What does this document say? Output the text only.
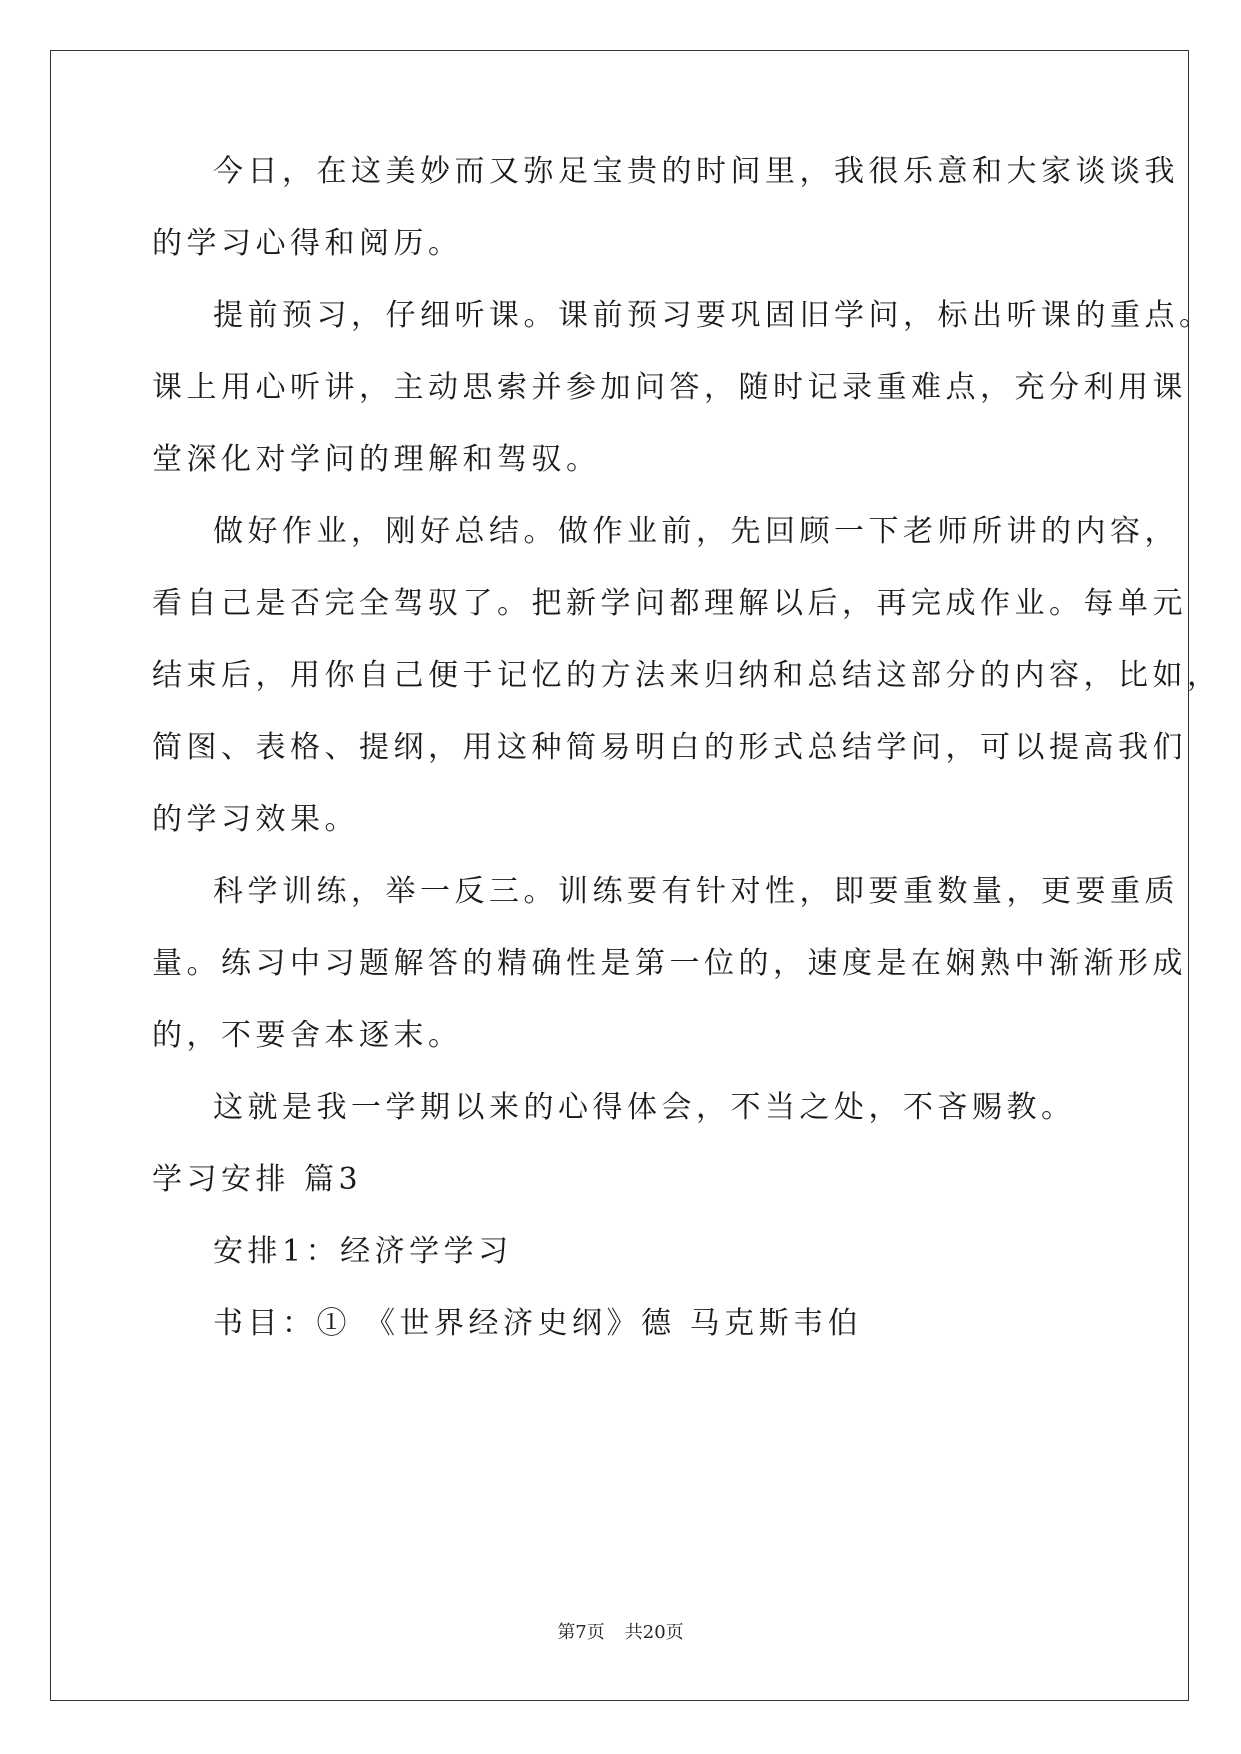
今日，在这美妙而又弥足宝贵的时间里，我很乐意和大家谈谈我
的学习心得和阅历。
提前预习，仔细听课。课前预习要巩固旧学问，标出听课的重点。
课上用心听讲，主动思索并参加问答，随时记录重难点，充分利用课
堂深化对学问的理解和驾驭。
做好作业，刚好总结。做作业前，先回顾一下老师所讲的内容，
看自己是否完全驾驭了。把新学问都理解以后，再完成作业。每单元
结束后，用你自己便于记忆的方法来归纳和总结这部分的内容，比如，
简图、表格、提纲，用这种简易明白的形式总结学问，可以提高我们
的学习效果。
科学训练，举一反三。训练要有针对性，即要重数量，更要重质
量。练习中习题解答的精确性是第一位的，速度是在娴熟中渐渐形成
的，不要舍本逐末。
这就是我一学期以来的心得体会，不当之处，不吝赐教。
学习安排 篇3
安排1：经济学学习
书目：① 《世界经济史纲》德 马克斯韦伯
第7页 共20页
